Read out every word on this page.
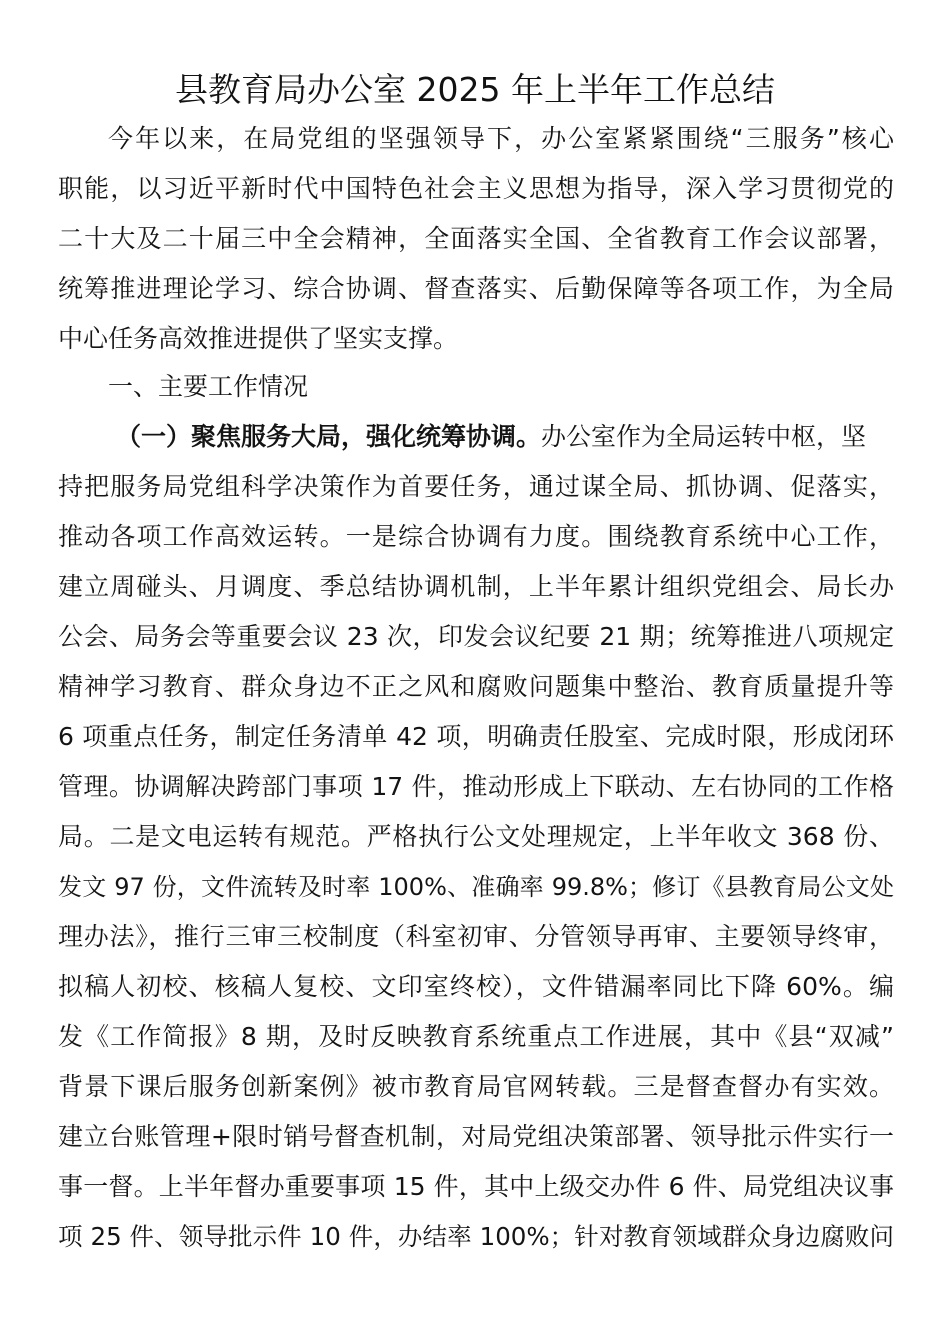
县教育局办公室 2025 年上半年工作总结
今年以来，在局党组的坚强领导下，办公室紧紧围绕“三服务”核心
职能，以习近平新时代中国特色社会主义思想为指导，深入学习贯彻党的
二十大及二十届三中全会精神，全面落实全国、全省教育工作会议部署，
统筹推进理论学习、综合协调、督查落实、后勤保障等各项工作，为全局
中心任务高效推进提供了坚实支撑。
一、主要工作情况
（一）聚焦服务大局，强化统筹协调。办公室作为全局运转中枢，坚
持把服务局党组科学决策作为首要任务，通过谋全局、抓协调、促落实，
推动各项工作高效运转。一是综合协调有力度。围绕教育系统中心工作，
建立周碰头、月调度、季总结协调机制，上半年累计组织党组会、局长办
公会、局务会等重要会议 23 次，印发会议纪要 21 期；统筹推进八项规定
精神学习教育、群众身边不正之风和腐败问题集中整治、教育质量提升等
6 项重点任务，制定任务清单 42 项，明确责任股室、完成时限，形成闭环
管理。协调解决跨部门事项 17 件，推动形成上下联动、左右协同的工作格
局。二是文电运转有规范。严格执行公文处理规定，上半年收文 368 份、
发文 97 份，文件流转及时率 100%、准确率 99.8%；修订《县教育局公文处
理办法》，推行三审三校制度（科室初审、分管领导再审、主要领导终审，
拟稿人初校、核稿人复校、文印室终校），文件错漏率同比下降 60%。编
发《工作简报》8 期，及时反映教育系统重点工作进展，其中《县“双减”
背景下课后服务创新案例》被市教育局官网转载。三是督查督办有实效。
建立台账管理+限时销号督查机制，对局党组决策部署、领导批示件实行一
事一督。上半年督办重要事项 15 件，其中上级交办件 6 件、局党组决议事
项 25 件、领导批示件 10 件，办结率 100%；针对教育领域群众身边腐败问
